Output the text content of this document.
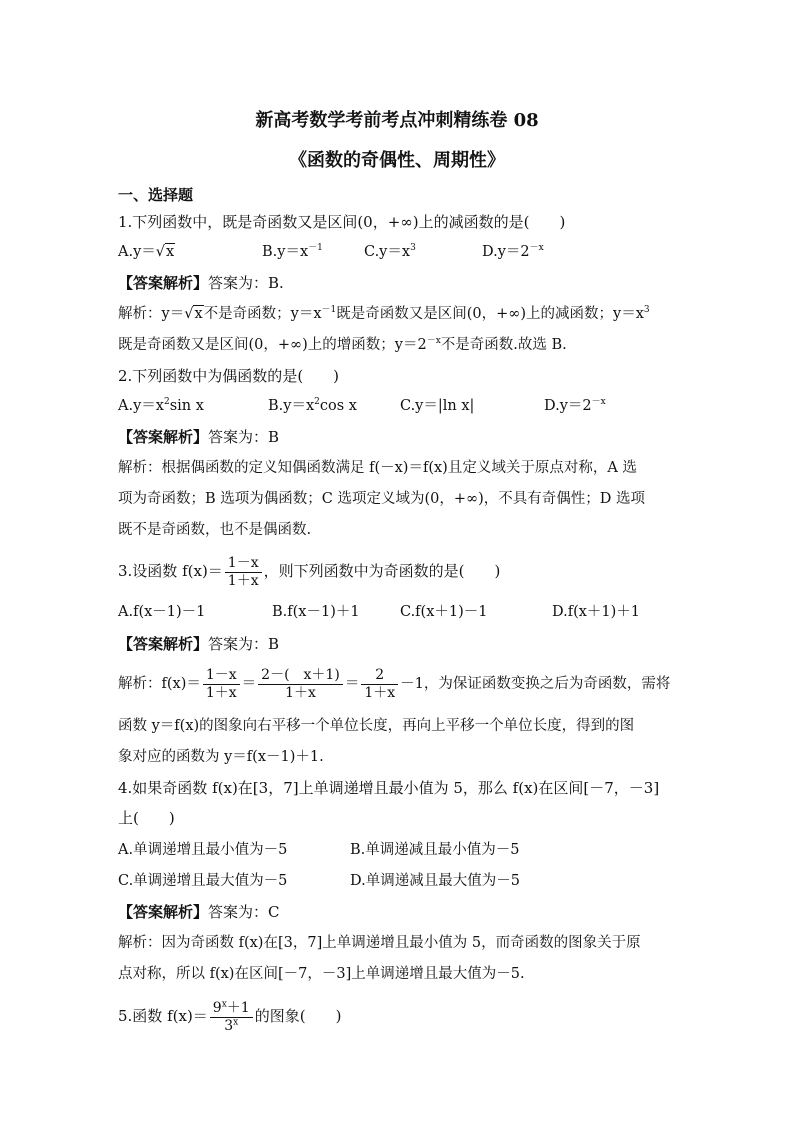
新高考数学考前考点冲刺精练卷 08
《函数的奇偶性、周期性》
一、选择题
1.下列函数中，既是奇函数又是区间(0，+∞)上的减函数的是(　　)
A.y＝√x	$B.y=x^{-1}$	$C.y=x^3$	$D.y=2^{-x}$
【答案解析】答案为：B.
解析：y＝√x不是奇函数；$y=x^{-1}$既是奇函数又是区间(0，+∞)上的减函数；$y=x^3$
既是奇函数又是区间(0，+∞)上的增函数；$y=2^{-x}$不是奇函数.故选 B.
2.下列函数中为偶函数的是(　　)
$A.y=x^2\sin$ x	$B.y=x^2\cos$ x	C.y＝|ln x|	$D.y=2^{-x}$
【答案解析】答案为：B
解析：根据偶函数的定义知偶函数满足 f(－x)＝f(x)且定义域关于原点对称，A 选
项为奇函数；B 选项为偶函数；C 选项定义域为(0，+∞)，不具有奇偶性；D 选项
既不是奇函数，也不是偶函数.
3.设函数 $f(x)= \frac{1-x}{1+x}$ ，则下列函数中为奇函数的是(　　)
A.f(x－1)－1	B.f(x－1)＋1	C.f(x＋1)－1	D.f(x＋1)＋1
【答案解析】答案为：B
解析：$f(x)= \frac{1-x}{1+x} = \frac{2-( x+1)}{1+x} = \frac{2}{1+x} -1$，为保证函数变换之后为奇函数，需将
函数 y＝f(x)的图象向右平移一个单位长度，再向上平移一个单位长度，得到的图
象对应的函数为 y＝f(x－1)＋1.
4.如果奇函数 f(x)在[3，7]上单调递增且最小值为 5，那么 f(x)在区间[－7，－3]
上(　　)
A.单调递增且最小值为－5	B.单调递减且最小值为－5
C.单调递增且最大值为－5	D.单调递减且最大值为－5
【答案解析】答案为：C
解析：因为奇函数 f(x)在[3，7]上单调递增且最小值为 5，而奇函数的图象关于原
点对称，所以 f(x)在区间[－7，－3]上单调递增且最大值为－5.
5.函数 $f(x)= \frac{9^x+1}{3^x}$ 的图象(　　)
